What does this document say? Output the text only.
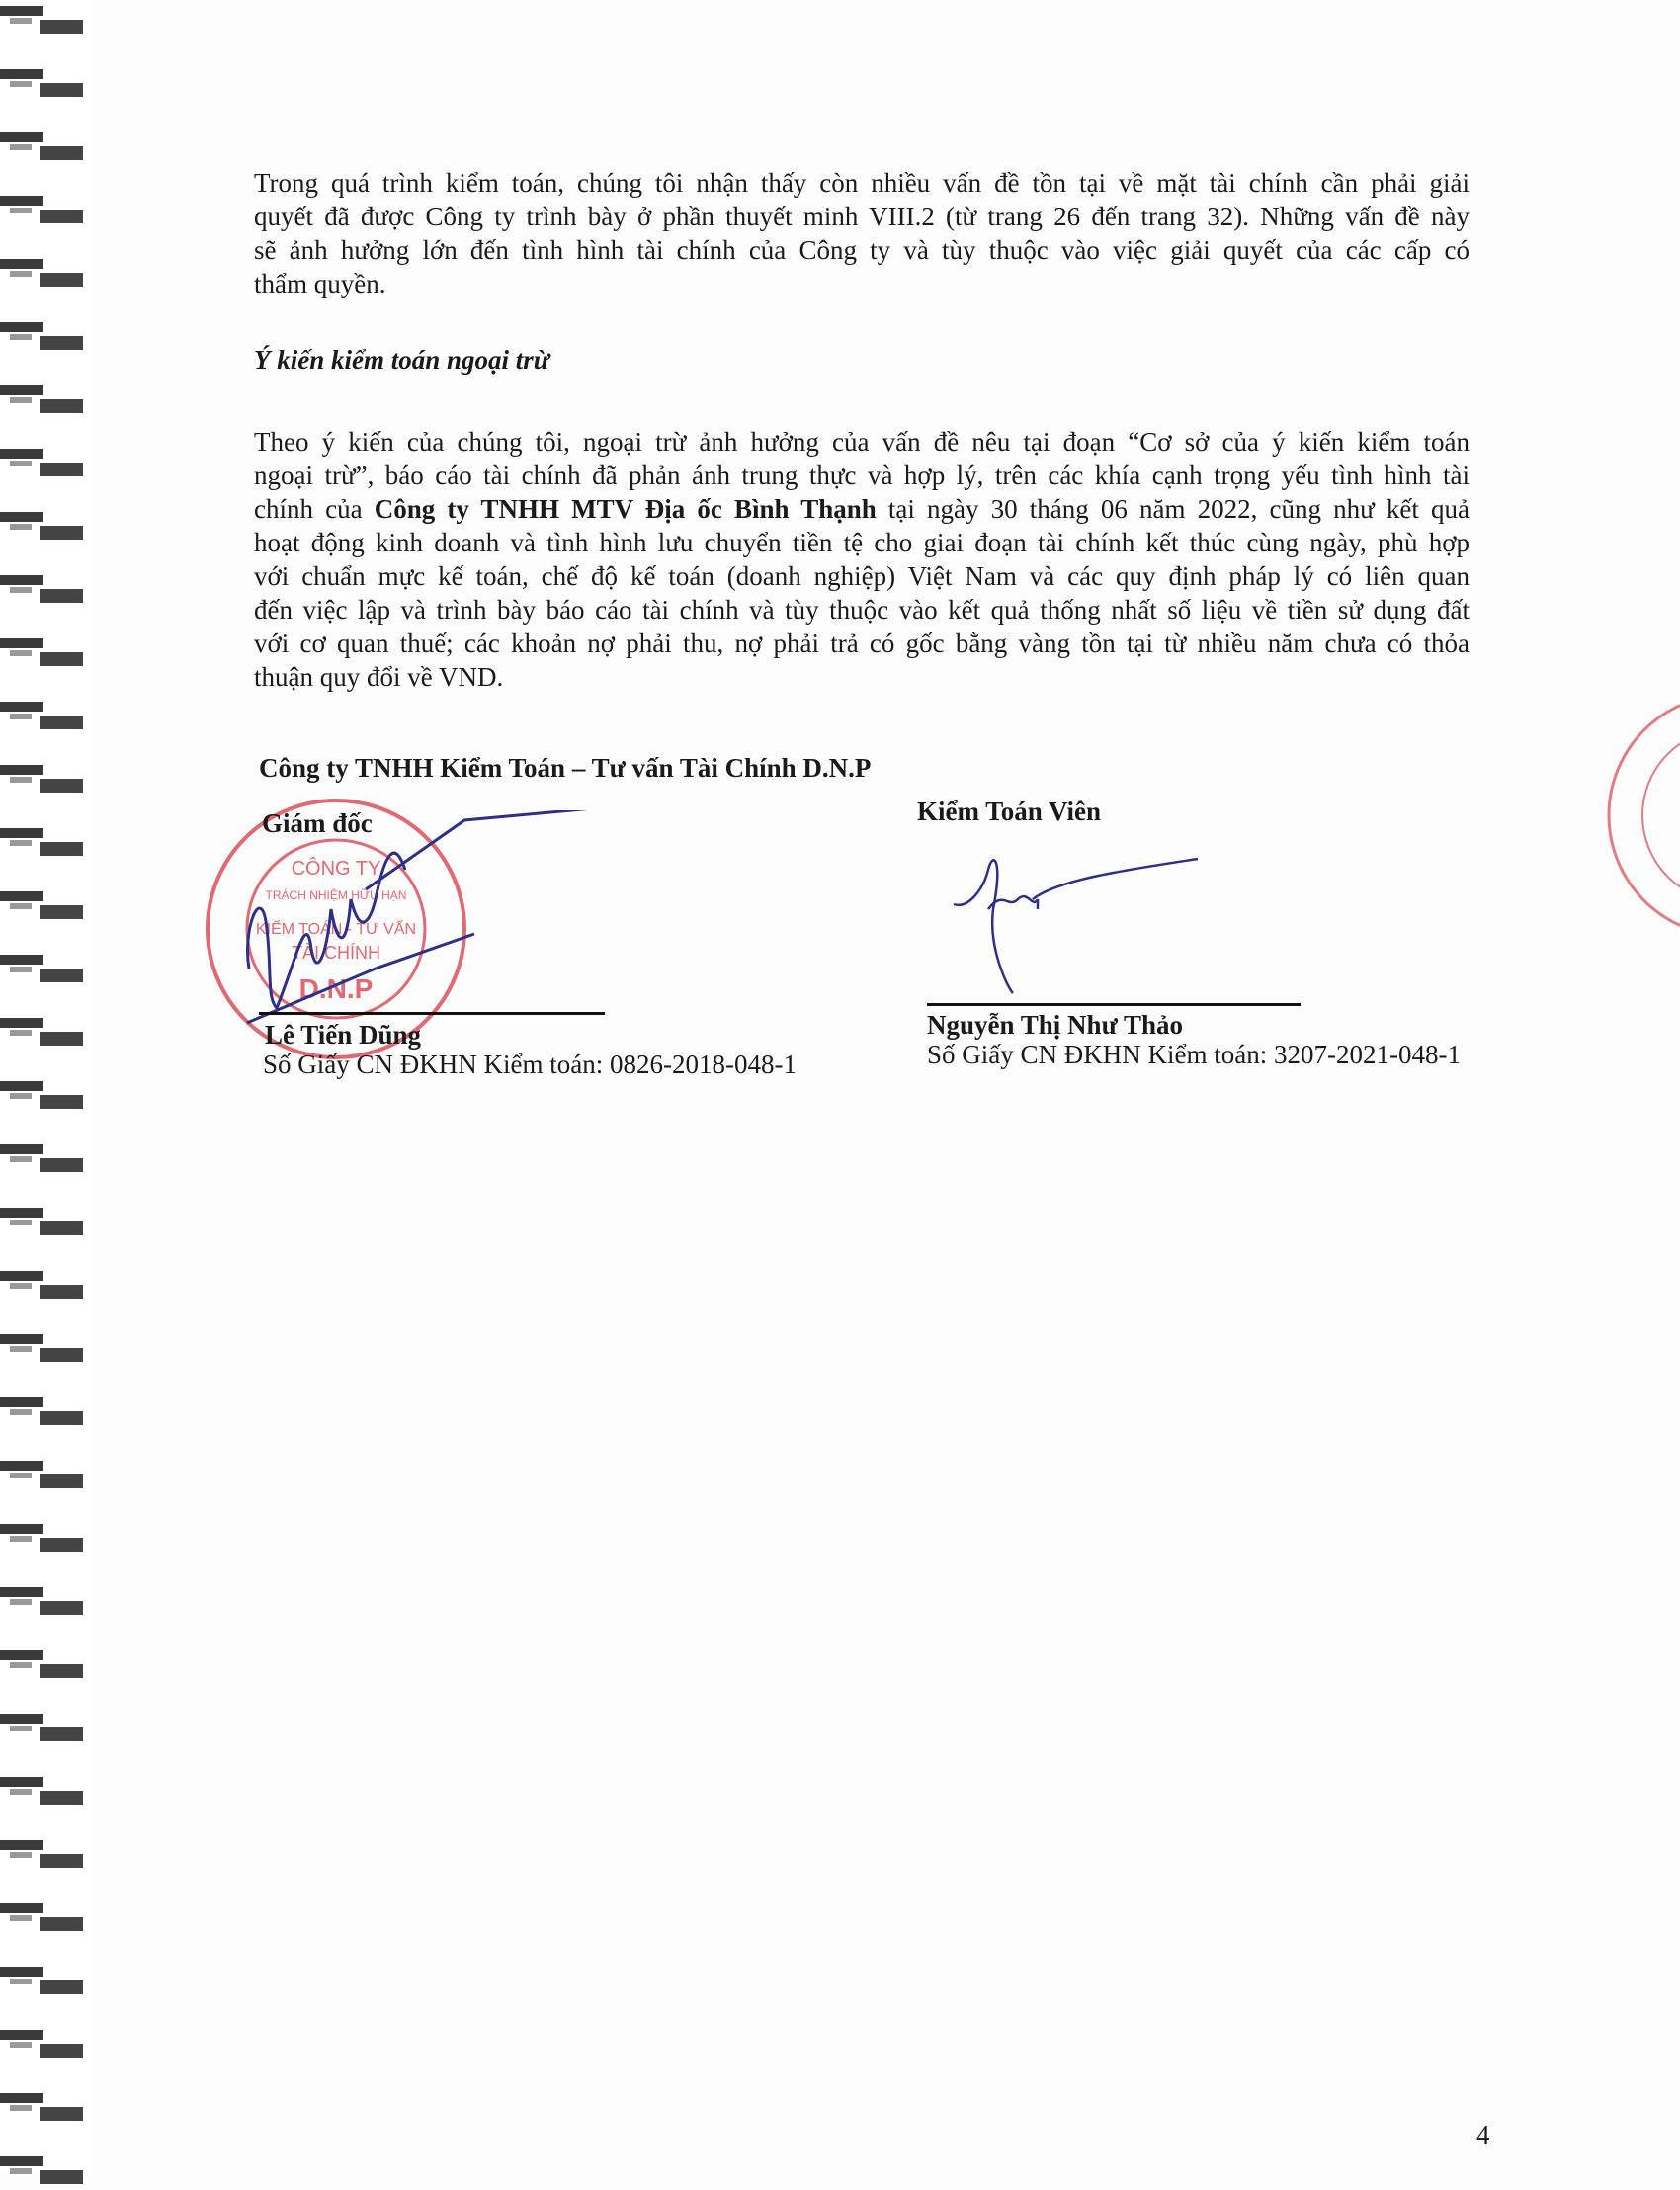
Trong quá trình kiểm toán, chúng tôi nhận thấy còn nhiều vấn đề tồn tại về mặt tài chính cần phải giải
quyết đã được Công ty trình bày ở phần thuyết minh VIII.2 (từ trang 26 đến trang 32). Những vấn đề này
sẽ ảnh hưởng lớn đến tình hình tài chính của Công ty và tùy thuộc vào việc giải quyết của các cấp có
thẩm quyền.
Ý kiến kiểm toán ngoại trừ
Theo ý kiến của chúng tôi, ngoại trừ ảnh hưởng của vấn đề nêu tại đoạn “Cơ sở của ý kiến kiểm toán
ngoại trừ”, báo cáo tài chính đã phản ánh trung thực và hợp lý, trên các khía cạnh trọng yếu tình hình tài
chính của Công ty TNHH MTV Địa ốc Bình Thạnh tại ngày 30 tháng 06 năm 2022, cũng như kết quả
hoạt động kinh doanh và tình hình lưu chuyển tiền tệ cho giai đoạn tài chính kết thúc cùng ngày, phù hợp
với chuẩn mực kế toán, chế độ kế toán (doanh nghiệp) Việt Nam và các quy định pháp lý có liên quan
đến việc lập và trình bày báo cáo tài chính và tùy thuộc vào kết quả thống nhất số liệu về tiền sử dụng đất
với cơ quan thuế; các khoản nợ phải thu, nợ phải trả có gốc bằng vàng tồn tại từ nhiều năm chưa có thỏa
thuận quy đổi về VND.
Công ty TNHH Kiểm Toán – Tư vấn Tài Chính D.N.P
CÔNG TY
TRÁCH NHIỆM HỮU HẠN
KIỂM TOÁN - TƯ VẤN
TÀI CHÍNH
D.N.P
Giám đốc	Kiểm Toán Viên
Lê Tiến Dũng
Số Giấy CN ĐKHN Kiểm toán: 0826-2018-048-1
Nguyễn Thị Như Thảo
Số Giấy CN ĐKHN Kiểm toán: 3207-2021-048-1
4
